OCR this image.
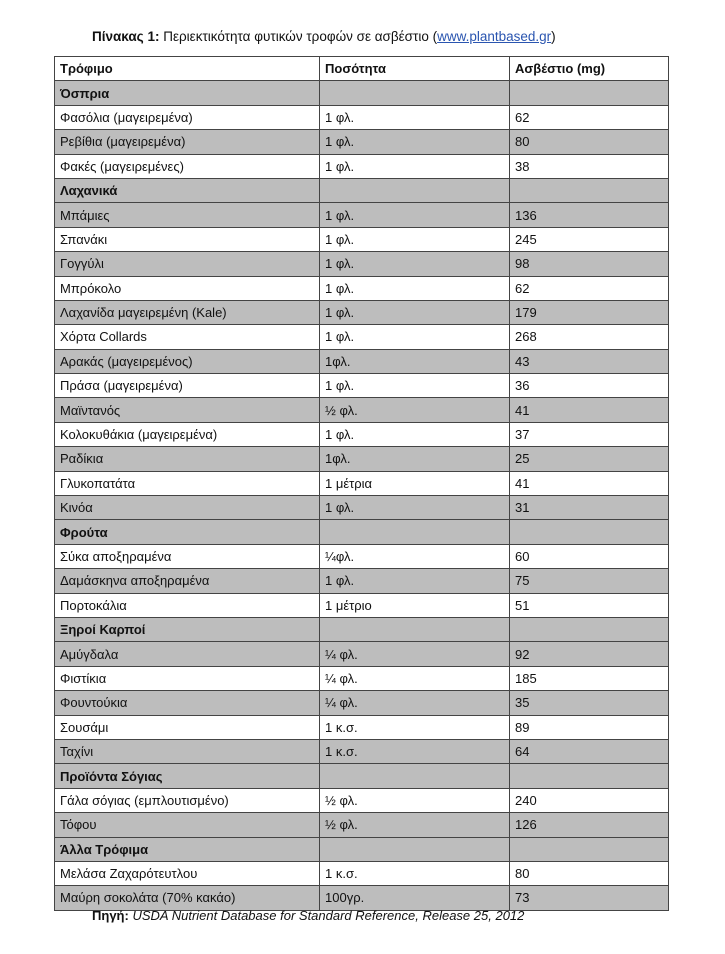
Πίνακας 1: Περιεκτικότητα φυτικών τροφών σε ασβέστιο (www.plantbased.gr)
Τρόφιμο	Ποσότητα	Ασβέστιο (mg)
Όσπρια		
Φασόλια (μαγειρεμένα)	1 φλ.	62
Ρεβίθια (μαγειρεμένα)	1 φλ.	80
Φακές (μαγειρεμένες)	1 φλ.	38
Λαχανικά		
Μπάμιες	1 φλ.	136
Σπανάκι	1 φλ.	245
Γογγύλι	1 φλ.	98
Μπρόκολο	1 φλ.	62
Λαχανίδα μαγειρεμένη (Kale)	1 φλ.	179
Χόρτα Collards	1 φλ.	268
Αρακάς (μαγειρεμένος)	1φλ.	43
Πράσα (μαγειρεμένα)	1 φλ.	36
Μαϊντανός	½ φλ.	41
Κολοκυθάκια (μαγειρεμένα)	1 φλ.	37
Ραδίκια	1φλ.	25
Γλυκοπατάτα	1 μέτρια	41
Κινόα	1 φλ.	31
Φρούτα		
Σύκα αποξηραμένα	¼φλ.	60
Δαμάσκηνα αποξηραμένα	1 φλ.	75
Πορτοκάλια	1 μέτριο	51
Ξηροί Καρποί		
Αμύγδαλα	¼ φλ.	92
Φιστίκια	¼ φλ.	185
Φουντούκια	¼ φλ.	35
Σουσάμι	1 κ.σ.	89
Ταχίνι	1 κ.σ.	64
Προϊόντα Σόγιας		
Γάλα σόγιας (εμπλουτισμένο)	½ φλ.	240
Τόφου	½ φλ.	126
Άλλα Τρόφιμα		
Μελάσα Ζαχαρότευτλου	1 κ.σ.	80
Μαύρη σοκολάτα (70% κακάο)	100γρ.	73
Πηγή: USDA Nutrient Database for Standard Reference, Release 25, 2012
